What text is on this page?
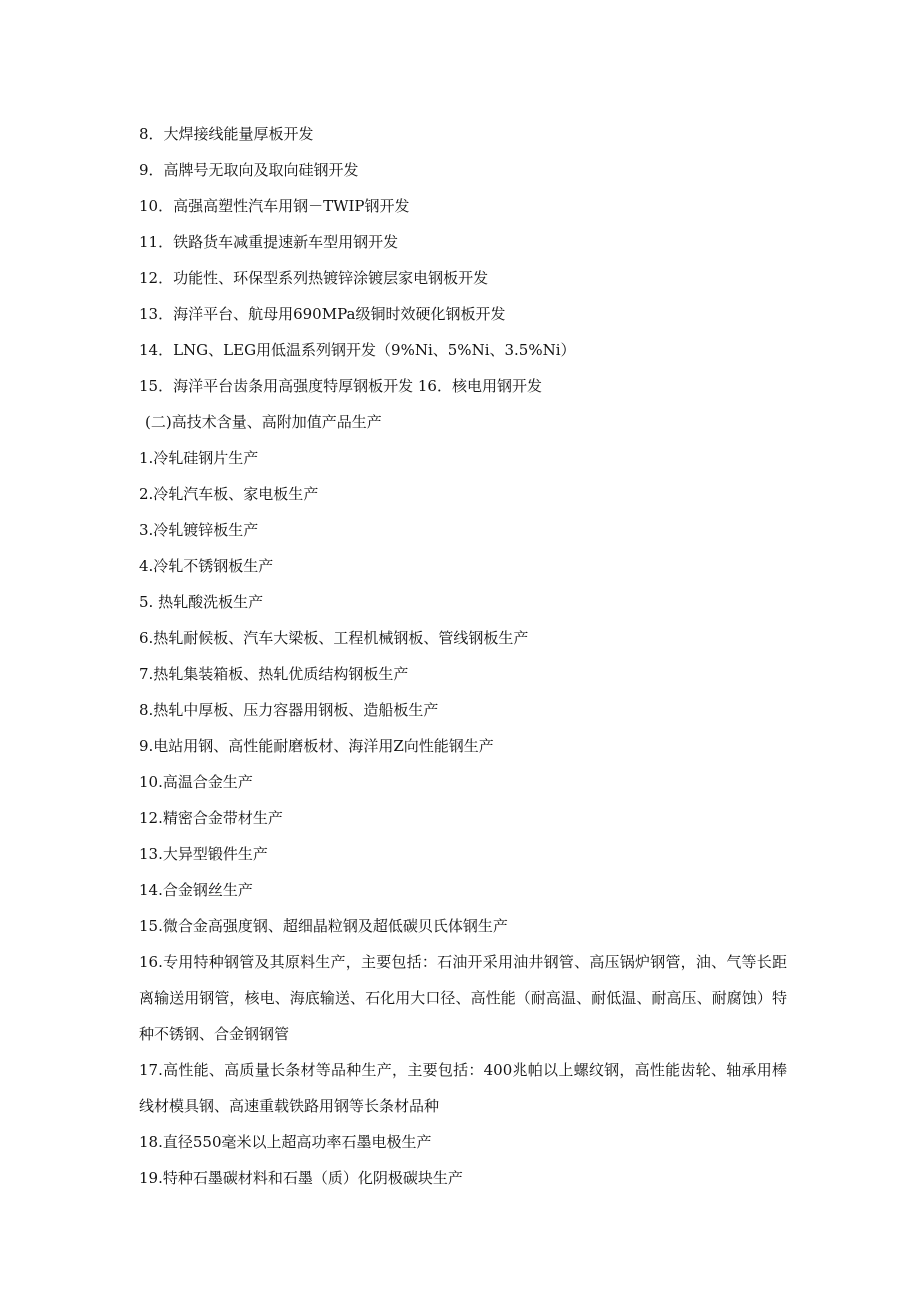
8．大焊接线能量厚板开发

9．高牌号无取向及取向硅钢开发

10．高强高塑性汽车用钢－TWIP钢开发

11．铁路货车减重提速新车型用钢开发

12．功能性、环保型系列热镀锌涂镀层家电钢板开发

13．海洋平台、航母用690MPa级铜时效硬化钢板开发

14．LNG、LEG用低温系列钢开发（9%Ni、5%Ni、3.5%Ni）

15．海洋平台齿条用高强度特厚钢板开发 16．核电用钢开发

(二)高技术含量、高附加值产品生产

1.冷轧硅钢片生产

2.冷轧汽车板、家电板生产

3.冷轧镀锌板生产

4.冷轧不锈钢板生产

5. 热轧酸洗板生产

6.热轧耐候板、汽车大梁板、工程机械钢板、管线钢板生产

7.热轧集装箱板、热轧优质结构钢板生产

8.热轧中厚板、压力容器用钢板、造船板生产

9.电站用钢、高性能耐磨板材、海洋用Z向性能钢生产

10.高温合金生产

12.精密合金带材生产

13.大异型锻件生产

14.合金钢丝生产

15.微合金高强度钢、超细晶粒钢及超低碳贝氏体钢生产

16.专用特种钢管及其原料生产，主要包括：石油开采用油井钢管、高压锅炉钢管，油、气等长距离输送用钢管，核电、海底输送、石化用大口径、高性能（耐高温、耐低温、耐高压、耐腐蚀）特种不锈钢、合金钢钢管

17.高性能、高质量长条材等品种生产，主要包括：400兆帕以上螺纹钢，高性能齿轮、轴承用棒线材模具钢、高速重载铁路用钢等长条材品种

18.直径550毫米以上超高功率石墨电极生产

19.特种石墨碳材料和石墨（质）化阴极碳块生产
